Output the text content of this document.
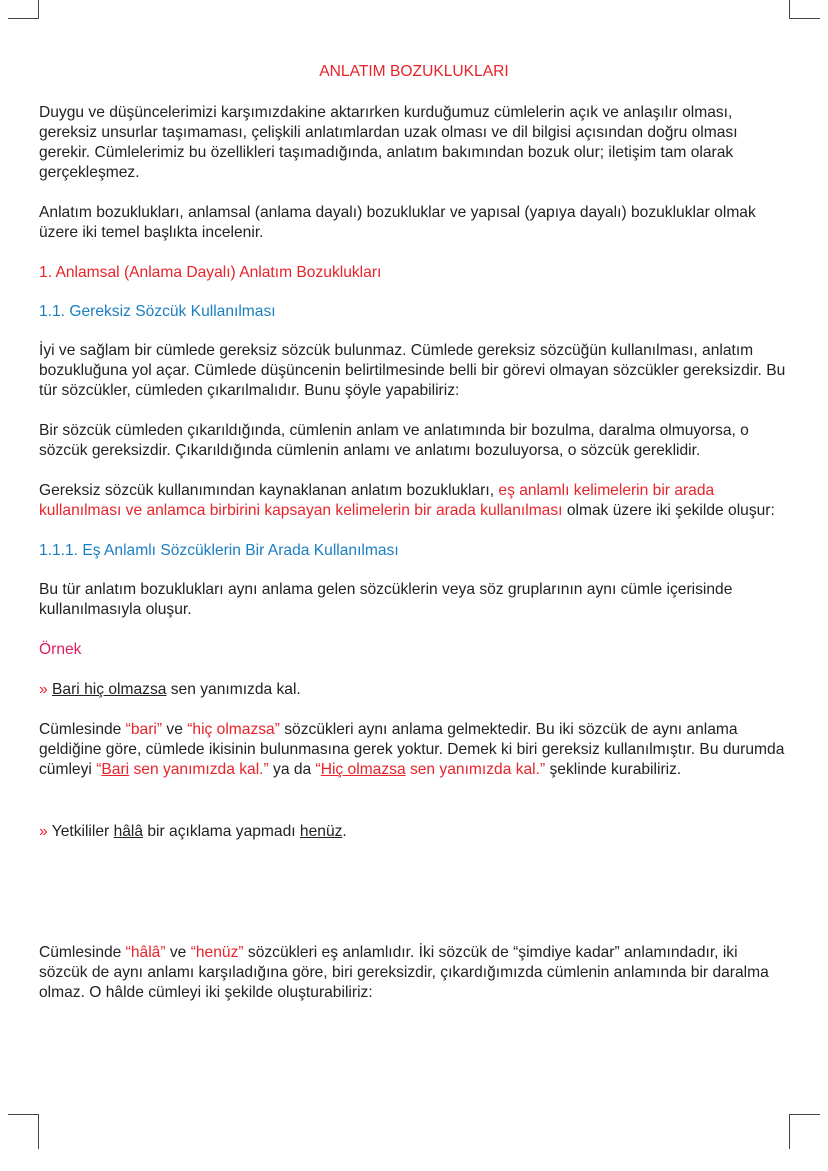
ANLATIM BOZUKLUKLARI

Duygu ve düşüncelerimizi karşımızdakine aktarırken kurduğumuz cümlelerin açık ve anlaşılır olması, gereksiz unsurlar taşımaması, çelişkili anlatımlardan uzak olması ve dil bilgisi açısından doğru olması gerekir. Cümlelerimiz bu özellikleri taşımadığında, anlatım bakımından bozuk olur; iletişim tam olarak gerçekleşmez.

Anlatım bozuklukları, anlamsal (anlama dayalı) bozukluklar ve yapısal (yapıya dayalı) bozukluklar olmak üzere iki temel başlıkta incelenir.

1. Anlamsal (Anlama Dayalı) Anlatım Bozuklukları

1.1. Gereksiz Sözcük Kullanılması

İyi ve sağlam bir cümlede gereksiz sözcük bulunmaz. Cümlede gereksiz sözcüğün kullanılması, anlatım bozukluğuna yol açar. Cümlede düşüncenin belirtilmesinde belli bir görevi olmayan sözcükler gereksizdir. Bu tür sözcükler, cümleden çıkarılmalıdır. Bunu şöyle yapabiliriz:

Bir sözcük cümleden çıkarıldığında, cümlenin anlam ve anlatımında bir bozulma, daralma olmuyorsa, o sözcük gereksizdir. Çıkarıldığında cümlenin anlamı ve anlatımı bozuluyorsa, o sözcük gereklidir.

Gereksiz sözcük kullanımından kaynaklanan anlatım bozuklukları, eş anlamlı kelimelerin bir arada kullanılması ve anlamca birbirini kapsayan kelimelerin bir arada kullanılması olmak üzere iki şekilde oluşur:

1.1.1. Eş Anlamlı Sözcüklerin Bir Arada Kullanılması

Bu tür anlatım bozuklukları aynı anlama gelen sözcüklerin veya söz gruplarının aynı cümle içerisinde kullanılmasıyla oluşur.

Örnek

» Bari hiç olmazsa sen yanımızda kal.

Cümlesinde “bari” ve “hiç olmazsa” sözcükleri aynı anlama gelmektedir. Bu iki sözcük de aynı anlama geldiğine göre, cümlede ikisinin bulunmasına gerek yoktur. Demek ki biri gereksiz kullanılmıştır. Bu durumda cümleyi “Bari sen yanımızda kal.” ya da “Hiç olmazsa sen yanımızda kal.” şeklinde kurabiliriz.

» Yetkililer hâlâ bir açıklama yapmadı henüz.

Cümlesinde “hâlâ” ve “henüz” sözcükleri eş anlamlıdır. İki sözcük de “şimdiye kadar” anlamındadır, iki sözcük de aynı anlamı karşıladığına göre, biri gereksizdir, çıkardığımızda cümlenin anlamında bir daralma olmaz. O hâlde cümleyi iki şekilde oluşturabiliriz:
